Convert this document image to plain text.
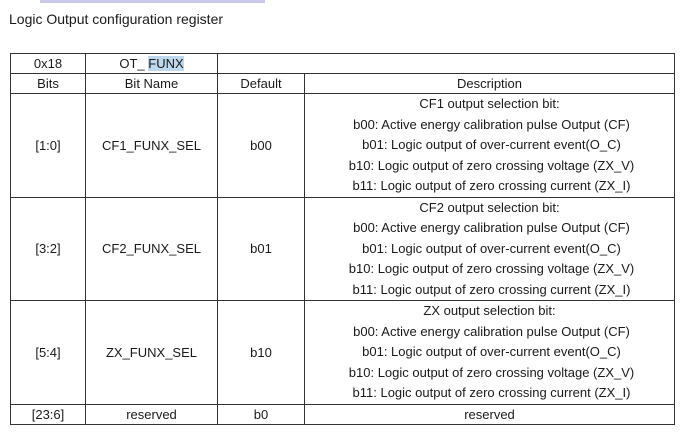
Logic Output configuration register
0x18	OT_ FUNX		
Bits	Bit Name	Default	Description
[1:0]	CF1_FUNX_SEL	b00	CF1 output selection bit:
b00: Active energy calibration pulse Output (CF)
b01: Logic output of over-current event(O_C)
b10: Logic output of zero crossing voltage (ZX_V)
b11: Logic output of zero crossing current (ZX_I)

[3:2]	CF2_FUNX_SEL	b01	CF2 output selection bit:
b00: Active energy calibration pulse Output (CF)
b01: Logic output of over-current event(O_C)
b10: Logic output of zero crossing voltage (ZX_V)
b11: Logic output of zero crossing current (ZX_I)

[5:4]	ZX_FUNX_SEL	b10	ZX output selection bit:
b00: Active energy calibration pulse Output (CF)
b01: Logic output of over-current event(O_C)
b10: Logic output of zero crossing voltage (ZX_V)
b11: Logic output of zero crossing current (ZX_I)

[23:6]	reserved	b0	reserved
